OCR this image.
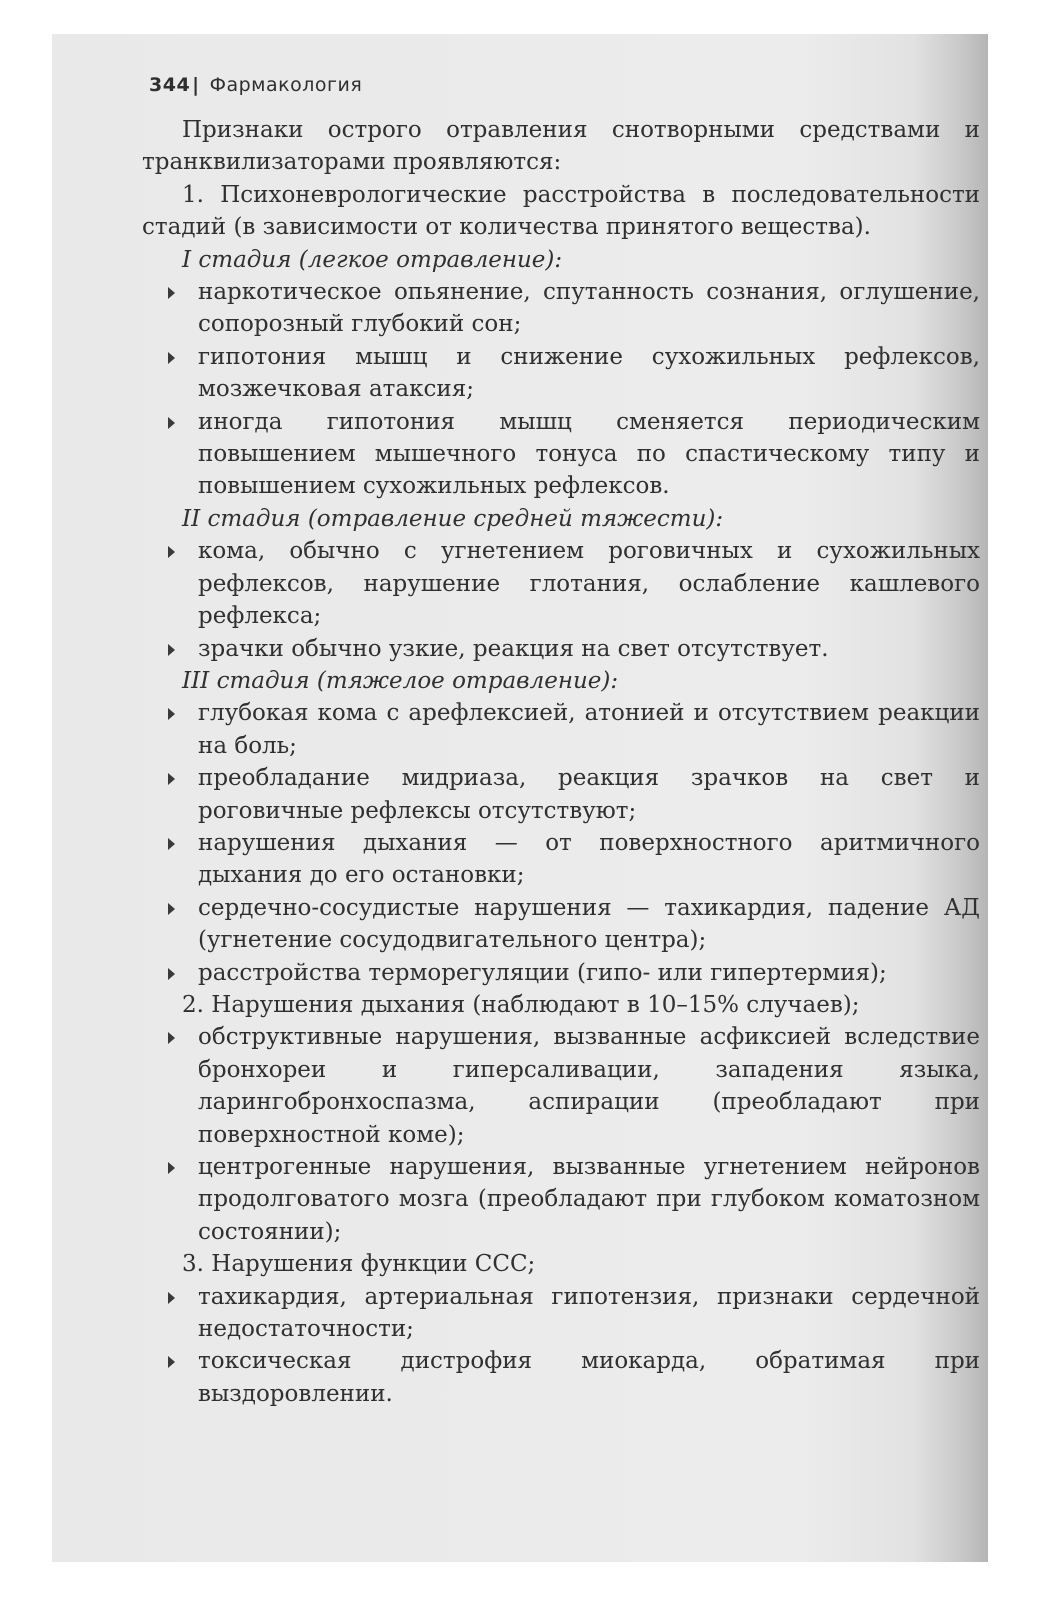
344 | Фармакология

Признаки острого отравления снотворными средствами и транквилизаторами проявляются:

1. Психоневрологические расстройства в последовательности стадий (в зависимости от количества принятого вещества).

I стадия (легкое отравление):

наркотическое опьянение, спутанность сознания, оглушение, сопорозный глубокий сон;

гипотония мышц и снижение сухожильных рефлексов, мозжечковая атаксия;

иногда гипотония мышц сменяется периодическим повышением мышечного тонуса по спастическому типу и повышением сухожильных рефлексов.

II стадия (отравление средней тяжести):

кома, обычно с угнетением роговичных и сухожильных рефлексов, нарушение глотания, ослабление кашлевого рефлекса;

зрачки обычно узкие, реакция на свет отсутствует.

III стадия (тяжелое отравление):

глубокая кома с арефлексией, атонией и отсутствием реакции на боль;

преобладание мидриаза, реакция зрачков на свет и роговичные рефлексы отсутствуют;

нарушения дыхания — от поверхностного аритмичного дыхания до его остановки;

сердечно-сосудистые нарушения — тахикардия, падение АД (угнетение сосудодвигательного центра);

расстройства терморегуляции (гипо- или гипертермия);

2. Нарушения дыхания (наблюдают в 10–15% случаев);

обструктивные нарушения, вызванные асфиксией вследствие бронхореи и гиперсаливации, западения языка, ларингобронхоспазма, аспирации (преобладают при поверхностной коме);

центрогенные нарушения, вызванные угнетением нейронов продолговатого мозга (преобладают при глубоком коматозном состоянии);

3. Нарушения функции ССС;

тахикардия, артериальная гипотензия, признаки сердечной недостаточности;

токсическая дистрофия миокарда, обратимая при выздоровлении.
